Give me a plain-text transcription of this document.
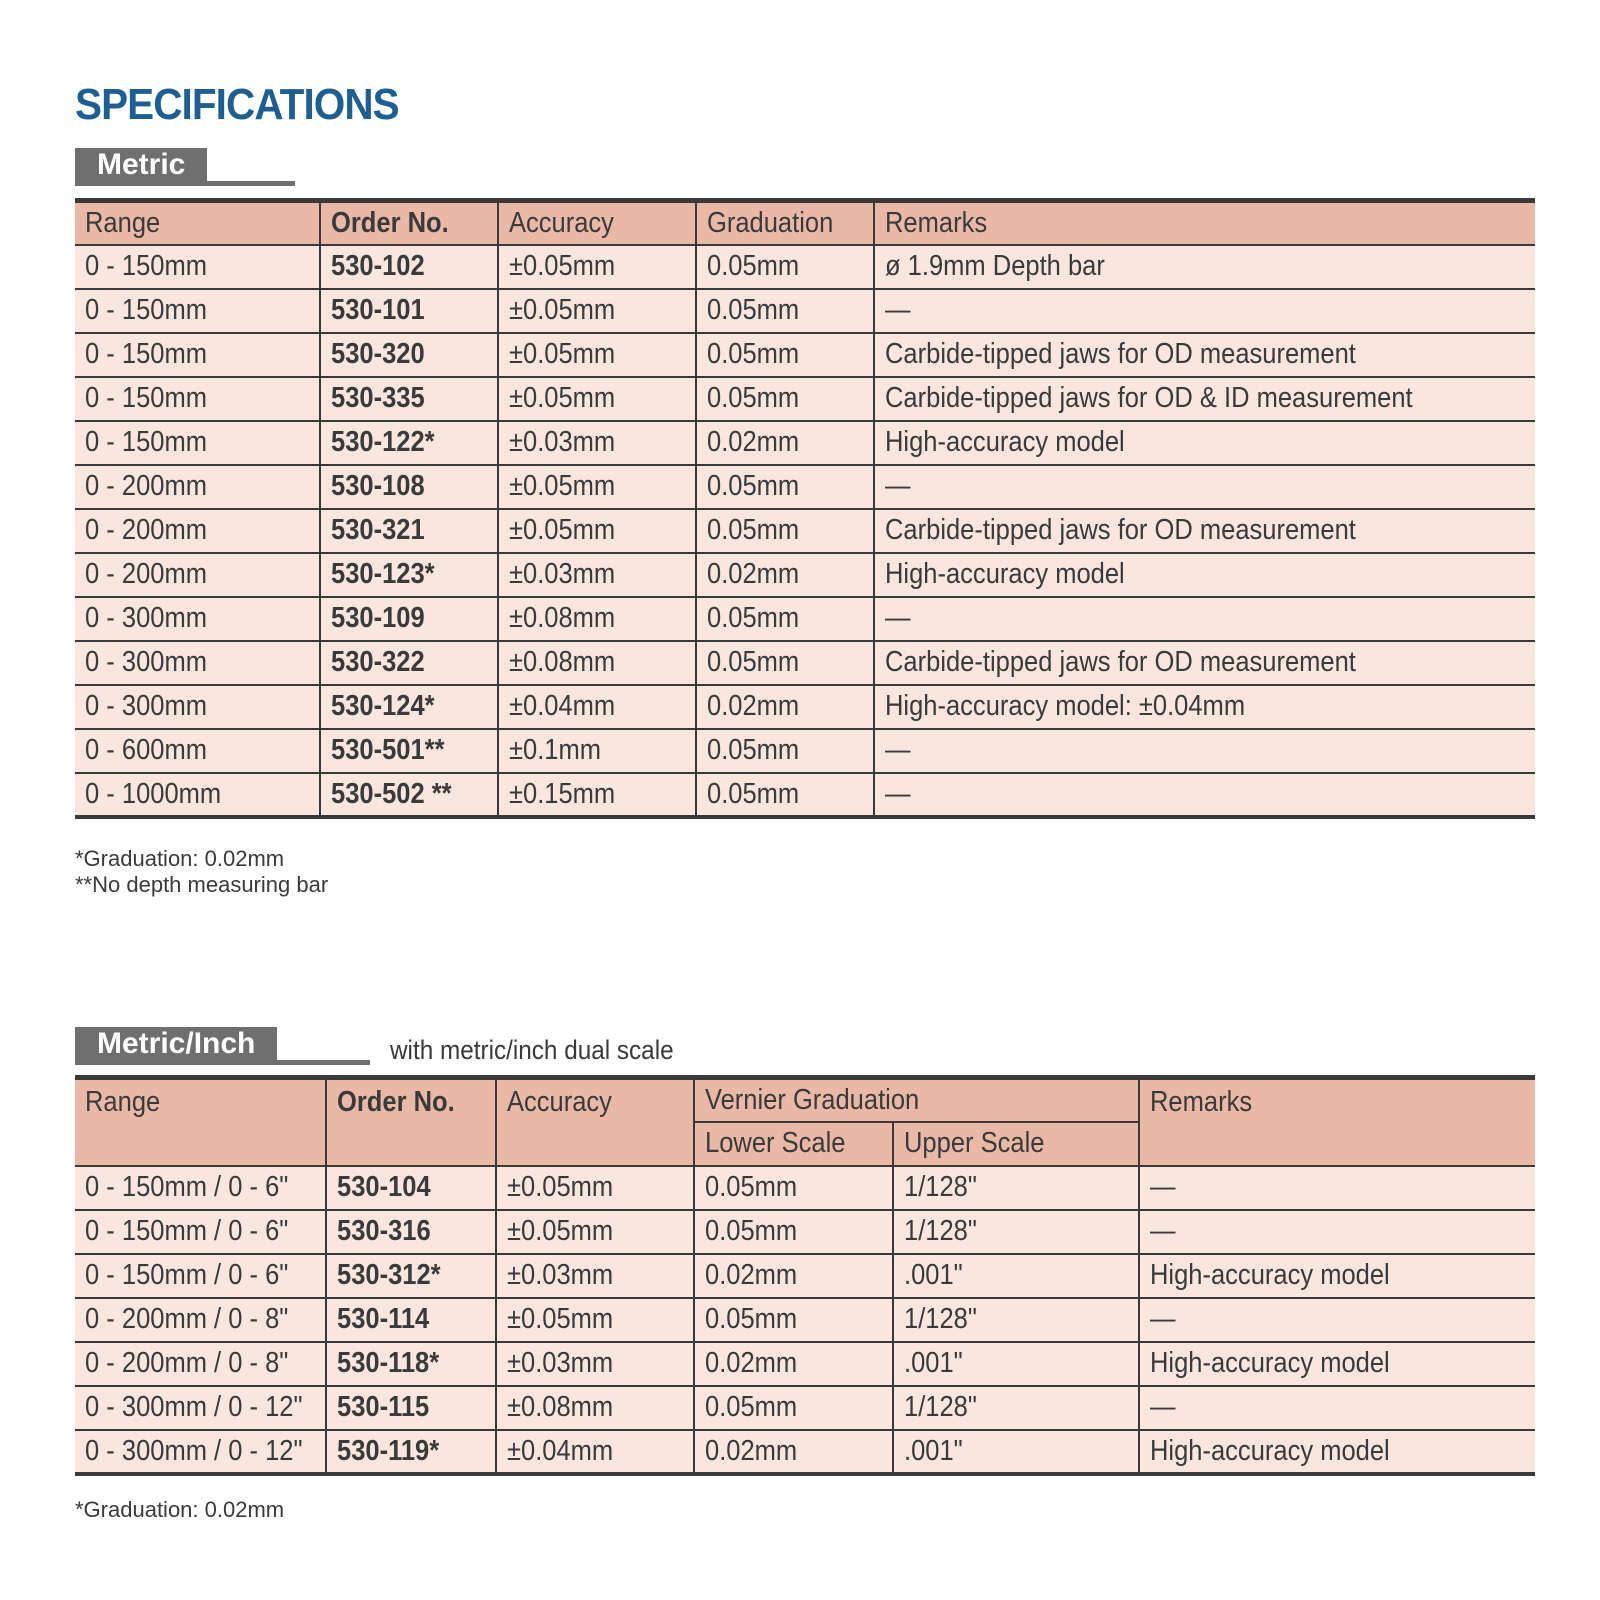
SPECIFICATIONS
Metric
Range	Order No.	Accuracy	Graduation	Remarks
0 - 150mm	530-102	±0.05mm	0.05mm	ø 1.9mm Depth bar
0 - 150mm	530-101	±0.05mm	0.05mm	—
0 - 150mm	530-320	±0.05mm	0.05mm	Carbide-tipped jaws for OD measurement
0 - 150mm	530-335	±0.05mm	0.05mm	Carbide-tipped jaws for OD & ID measurement
0 - 150mm	530-122*	±0.03mm	0.02mm	High-accuracy model
0 - 200mm	530-108	±0.05mm	0.05mm	—
0 - 200mm	530-321	±0.05mm	0.05mm	Carbide-tipped jaws for OD measurement
0 - 200mm	530-123*	±0.03mm	0.02mm	High-accuracy model
0 - 300mm	530-109	±0.08mm	0.05mm	—
0 - 300mm	530-322	±0.08mm	0.05mm	Carbide-tipped jaws for OD measurement
0 - 300mm	530-124*	±0.04mm	0.02mm	High-accuracy model: ±0.04mm
0 - 600mm	530-501**	±0.1mm	0.05mm	—
0 - 1000mm	530-502 **	±0.15mm	0.05mm	—
*Graduation: 0.02mm
**No depth measuring bar
Metric/Inch	with metric/inch dual scale
Range	Order No.	Accuracy	Vernier Graduation		Remarks
			Lower Scale	Upper Scale	
0 - 150mm / 0 - 6"	530-104	±0.05mm	0.05mm	1/128"	—
0 - 150mm / 0 - 6"	530-316	±0.05mm	0.05mm	1/128"	—
0 - 150mm / 0 - 6"	530-312*	±0.03mm	0.02mm	.001"	High-accuracy model
0 - 200mm / 0 - 8"	530-114	±0.05mm	0.05mm	1/128"	—
0 - 200mm / 0 - 8"	530-118*	±0.03mm	0.02mm	.001"	High-accuracy model
0 - 300mm / 0 - 12"	530-115	±0.08mm	0.05mm	1/128"	—
0 - 300mm / 0 - 12"	530-119*	±0.04mm	0.02mm	.001"	High-accuracy model
*Graduation: 0.02mm
